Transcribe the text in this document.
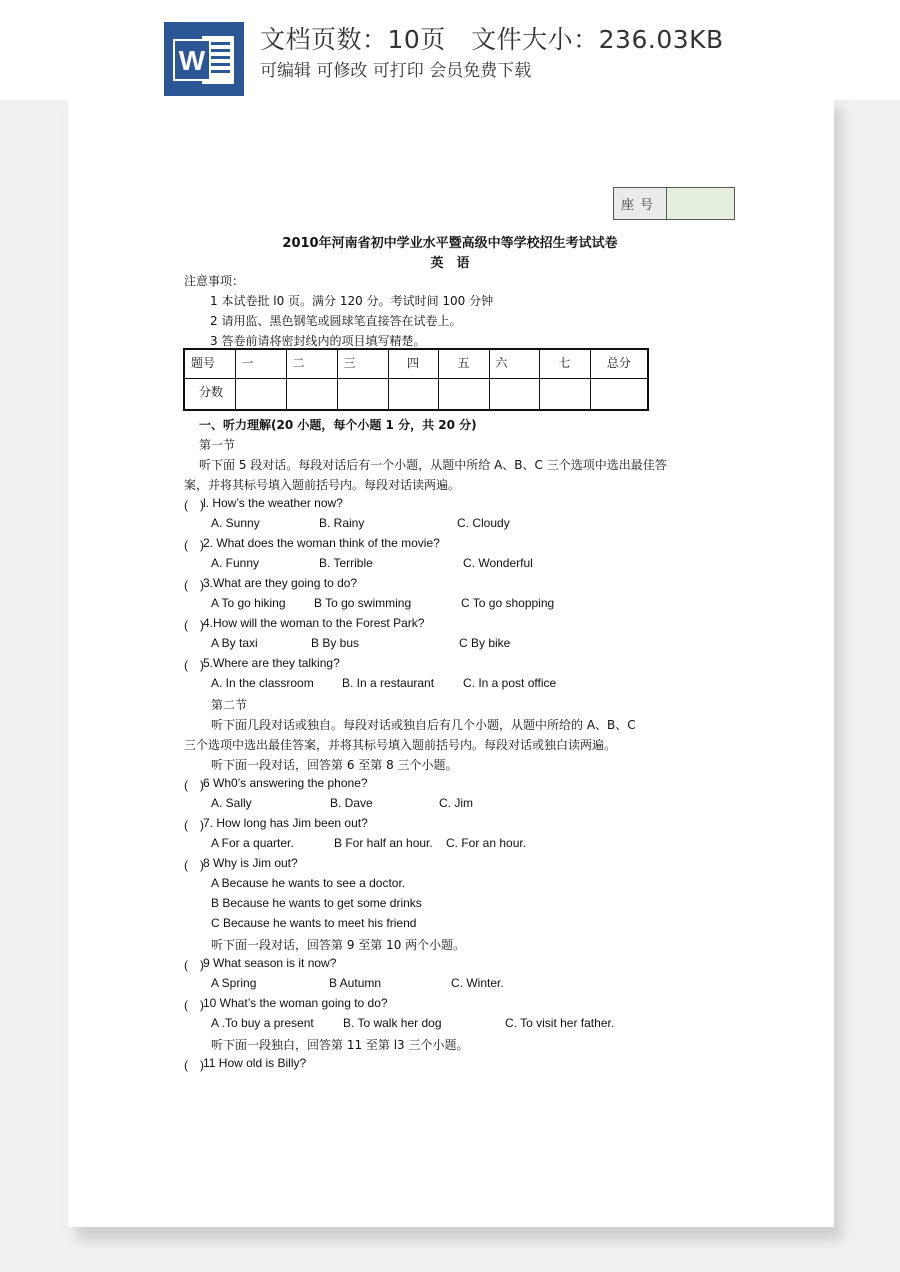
W
文档页数：10页   文件大小：236.03KB
可编辑 可修改 可打印 会员免费下载
座号
2010年河南省初中学业水平暨高级中等学校招生考试试卷
英　语
注意事项：
1 本试卷批 l0 页。满分 120 分。考试时间 100 分钟
2 请用监、黑色钢笔或圆球笔直接答在试卷上。
3 答卷前请将密封线内的项目填写精楚。
题号	一	二	三	四	五	六	七	总分
分数								
一、听力理解(20 小题，每个小题 1 分，共 20 分)
第一节
听下面 5 段对话。每段对话后有一个小题，从题中所给 A、B、C 三个选项中选出最佳答
案，并将其标号填入题前括号内。每段对话读两遍。
(　) l. How’s the weather now?
A. Sunny	B. Rainy	C. Cloudy
(　) 2. What does the woman think of the movie?
A. Funny	B. Terrible	C. Wonderful
(　) 3.What are they going to do?
A To go hiking B To go swimming	C To go shopping
(　) 4.How will the woman to the Forest Park?
A By taxi	B By bus	C By bike
(　) 5.Where are they talking?
A. In the classroom B. In a restaurant C. In a post office
第二节
听下面几段对话或独自。每段对话或独自后有几个小题，从题中所给的 A、B、C
三个选项中选出最佳答案，并将其标号填入题前括号内。每段对话或独白读两遍。
听下面一段对话，回答第 6 至第 8 三个小题。
(　) 6 Wh0’s answering the phone?
A. Sally	B. Dave	C. Jim
(　) 7. How long has Jim been out?
A For a quarter.	B For half an hour. C. For an hour.
(　) 8 Why is Jim out?
A Because he wants to see a doctor.
B Because he wants to get some drinks
C Because he wants to meet his friend
听下面一段对话，回答第 9 至第 10 两个小题。
(　) 9 What season is it now?
A Spring	B Autumn	C. Winter.
(　) 10 What’s the woman going to do?
A .To buy a present B. To walk her dog	C. To visit her father.
听下面一段独白，回答第 11 至第 l3 三个小题。
(　) 11 How old is Billy?
